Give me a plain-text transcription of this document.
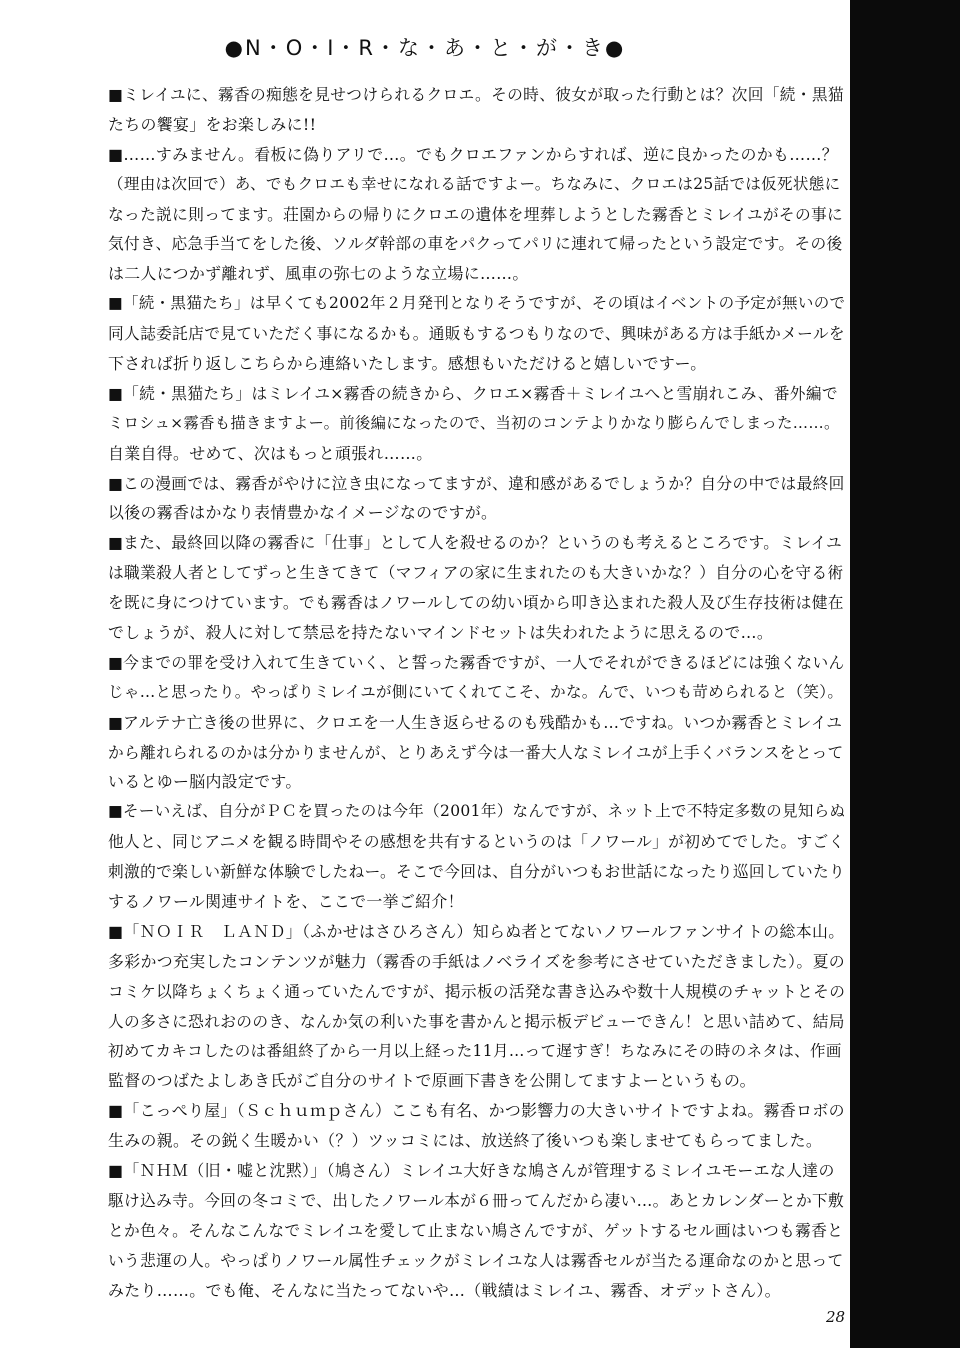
●N・O・I・R・な・あ・と・が・き●
■ミレイユに、霧香の痴態を見せつけられるクロエ。その時、彼女が取った行動とは？次回「続・黒猫
たちの饗宴」をお楽しみに!!
■……すみません。看板に偽りアリで…。でもクロエファンからすれば、逆に良かったのかも……？
（理由は次回で）あ、でもクロエも幸せになれる話ですよー。ちなみに、クロエは25話では仮死状態に
なった説に則ってます。荘園からの帰りにクロエの遺体を埋葬しようとした霧香とミレイユがその事に
気付き、応急手当てをした後、ソルダ幹部の車をパクってパリに連れて帰ったという設定です。その後
は二人につかず離れず、風車の弥七のような立場に……。
■「続・黒猫たち」は早くても2002年２月発刊となりそうですが、その頃はイベントの予定が無いので
同人誌委託店で見ていただく事になるかも。通販もするつもりなので、興味がある方は手紙かメールを
下されば折り返しこちらから連絡いたします。感想もいただけると嬉しいですー。
■「続・黒猫たち」はミレイユ×霧香の続きから、クロエ×霧香＋ミレイユへと雪崩れこみ、番外編で
ミロシュ×霧香も描きますよー。前後編になったので、当初のコンテよりかなり膨らんでしまった……。
自業自得。せめて、次はもっと頑張れ……。
■この漫画では、霧香がやけに泣き虫になってますが、違和感があるでしょうか？自分の中では最終回
以後の霧香はかなり表情豊かなイメージなのですが。
■また、最終回以降の霧香に「仕事」として人を殺せるのか？というのも考えるところです。ミレイユ
は職業殺人者としてずっと生きてきて（マフィアの家に生まれたのも大きいかな？）自分の心を守る術
を既に身につけています。でも霧香はノワールしての幼い頃から叩き込まれた殺人及び生存技術は健在
でしょうが、殺人に対して禁忌を持たないマインドセットは失われたように思えるので…。
■今までの罪を受け入れて生きていく、と誓った霧香ですが、一人でそれができるほどには強くないん
じゃ…と思ったり。やっぱりミレイユが側にいてくれてこそ、かな。んで、いつも苛められると（笑）。
■アルテナ亡き後の世界に、クロエを一人生き返らせるのも残酷かも…ですね。いつか霧香とミレイユ
から離れられるのかは分かりませんが、とりあえず今は一番大人なミレイユが上手くバランスをとって
いるとゆー脳内設定です。
■そーいえば、自分がＰＣを買ったのは今年（2001年）なんですが、ネット上で不特定多数の見知らぬ
他人と、同じアニメを観る時間やその感想を共有するというのは「ノワール」が初めてでした。すごく
刺激的で楽しい新鮮な体験でしたねー。そこで今回は、自分がいつもお世話になったり巡回していたり
するノワール関連サイトを、ここで一挙ご紹介！
■「ＮＯＩＲ　ＬＡＮＤ」（ふかせはさひろさん）知らぬ者とてないノワールファンサイトの総本山。
多彩かつ充実したコンテンツが魅力（霧香の手紙はノベライズを参考にさせていただきました）。夏の
コミケ以降ちょくちょく通っていたんですが、掲示板の活発な書き込みや数十人規模のチャットとその
人の多さに恐れおののき、なんか気の利いた事を書かんと掲示板デビューできん！と思い詰めて、結局
初めてカキコしたのは番組終了から一月以上経った11月…って遅すぎ！ちなみにその時のネタは、作画
監督のつばたよしあき氏がご自分のサイトで原画下書きを公開してますよーというもの。
■「こっぺり屋」（Ｓｃｈｕｍｐさん）ここも有名、かつ影響力の大きいサイトですよね。霧香ロボの
生みの親。その鋭く生暖かい（？）ツッコミには、放送終了後いつも楽しませてもらってました。
■「ＮＨＭ（旧・嘘と沈黙）」（鳩さん）ミレイユ大好きな鳩さんが管理するミレイユモーエな人達の
駆け込み寺。今回の冬コミで、出したノワール本が６冊ってんだから凄い…。あとカレンダーとか下敷
とか色々。そんなこんなでミレイユを愛して止まない鳩さんですが、ゲットするセル画はいつも霧香と
いう悲運の人。やっぱりノワール属性チェックがミレイユな人は霧香セルが当たる運命なのかと思って
みたり……。でも俺、そんなに当たってないや…（戦績はミレイユ、霧香、オデットさん）。
28
